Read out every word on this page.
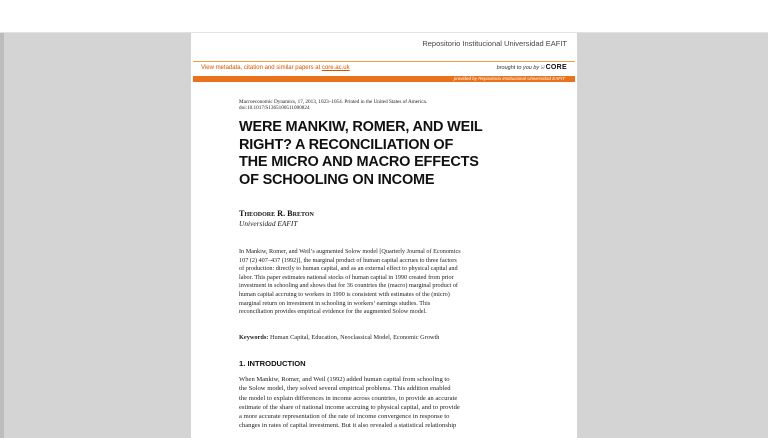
Repositorio Institucional Universidad EAFIT
View metadata, citation and similar papers at core.ac.uk	brought to you by ⌸ CORE
provided by Repositorio Institucional Universidad EAFIT
Macroeconomic Dynamics, 17, 2013, 1023–1054. Printed in the United States of America.
doi:10.1017/S1365100511000824
WERE MANKIW, ROMER, AND WEIL
RIGHT? A RECONCILIATION OF
THE MICRO AND MACRO EFFECTS
OF SCHOOLING ON INCOME
Theodore R. Breton
Universidad EAFIT
In Mankiw, Romer, and Weil’s augmented Solow model [Quarterly Journal of Economics
107 (2) 407–437 (1992)], the marginal product of human capital accrues to three factors
of production: directly to human capital, and as an external effect to physical capital and
labor. This paper estimates national stocks of human capital in 1990 created from prior
investment in schooling and shows that for 36 countries the (macro) marginal product of
human capital accruing to workers in 1990 is consistent with estimates of the (micro)
marginal return on investment in schooling in workers’ earnings studies. This
reconciliation provides empirical evidence for the augmented Solow model.
Keywords: Human Capital, Education, Neoclassical Model, Economic Growth
1. INTRODUCTION
When Mankiw, Romer, and Weil (1992) added human capital from schooling to
the Solow model, they solved several empirical problems. This addition enabled
the model to explain differences in income across countries, to provide an accurate
estimate of the share of national income accruing to physical capital, and to provide
a more accurate representation of the rate of income convergence in response to
changes in rates of capital investment. But it also revealed a statistical relationship
